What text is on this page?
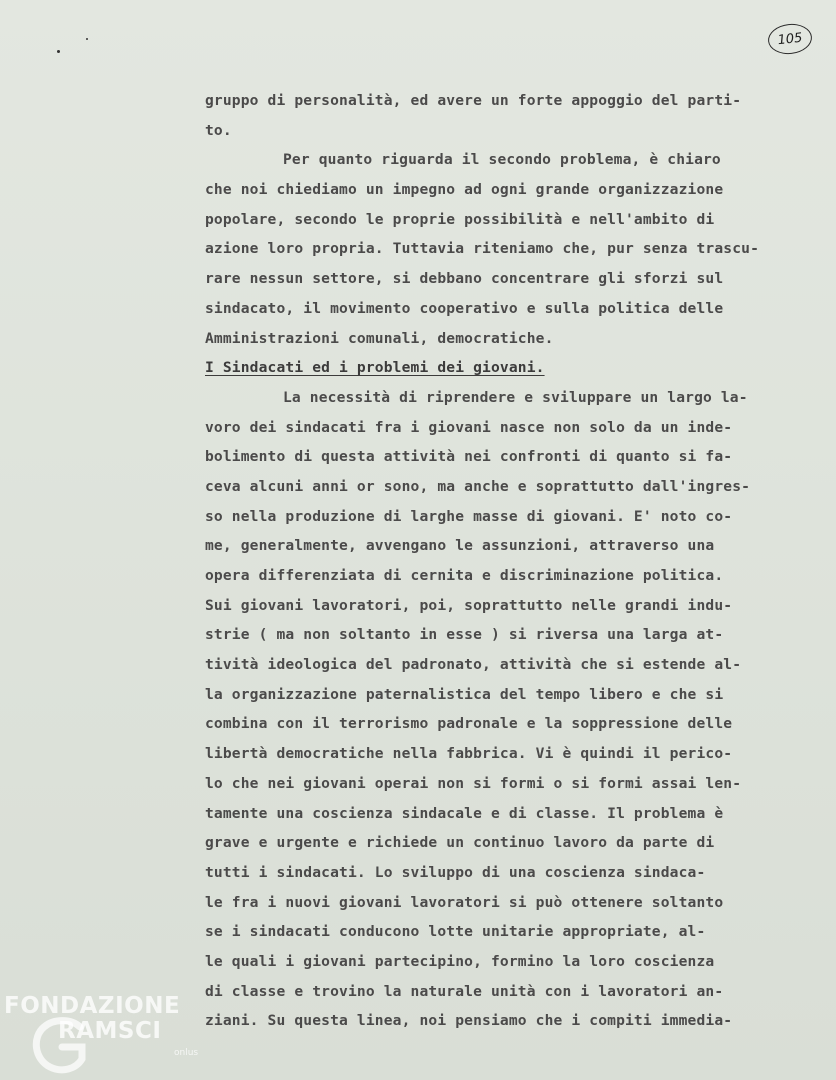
105
gruppo di personalità, ed avere un forte appoggio del parti-
to.
Per quanto riguarda il secondo problema, è chiaro
che noi chiediamo un impegno ad ogni grande organizzazione
popolare, secondo le proprie possibilità e nell'ambito di
azione loro propria. Tuttavia riteniamo che, pur senza trascu-
rare nessun settore, si debbano concentrare gli sforzi sul
sindacato, il movimento cooperativo e sulla politica delle
Amministrazioni comunali, democratiche.
I Sindacati ed i problemi dei giovani.
La necessità di riprendere e sviluppare un largo la-
voro dei sindacati fra i giovani nasce non solo da un inde-
bolimento di questa attività nei confronti di quanto si fa-
ceva alcuni anni or sono, ma anche e soprattutto dall'ingres-
so nella produzione di larghe masse di giovani. E' noto co-
me, generalmente, avvengano le assunzioni, attraverso una
opera differenziata di cernita e discriminazione politica.
Sui giovani lavoratori, poi, soprattutto nelle grandi indu-
strie ( ma non soltanto in esse ) si riversa una larga at-
tività ideologica del padronato, attività che si estende al-
la organizzazione paternalistica del tempo libero e che si
combina con il terrorismo padronale e la soppressione delle
libertà democratiche nella fabbrica. Vi è quindi il perico-
lo che nei giovani operai non si formi o si formi assai len-
tamente una coscienza sindacale e di classe. Il problema è
grave e urgente e richiede un continuo lavoro da parte di
tutti i sindacati. Lo sviluppo di una coscienza sindaca-
le fra i nuovi giovani lavoratori si può ottenere soltanto
se i sindacati conducono lotte unitarie appropriate, al-
le quali i giovani partecipino, formino la loro coscienza
di classe e trovino la naturale unità con i lavoratori an-
ziani. Su questa linea, noi pensiamo che i compiti immedia-
FONDAZIONE
RAMSCI
onlus
